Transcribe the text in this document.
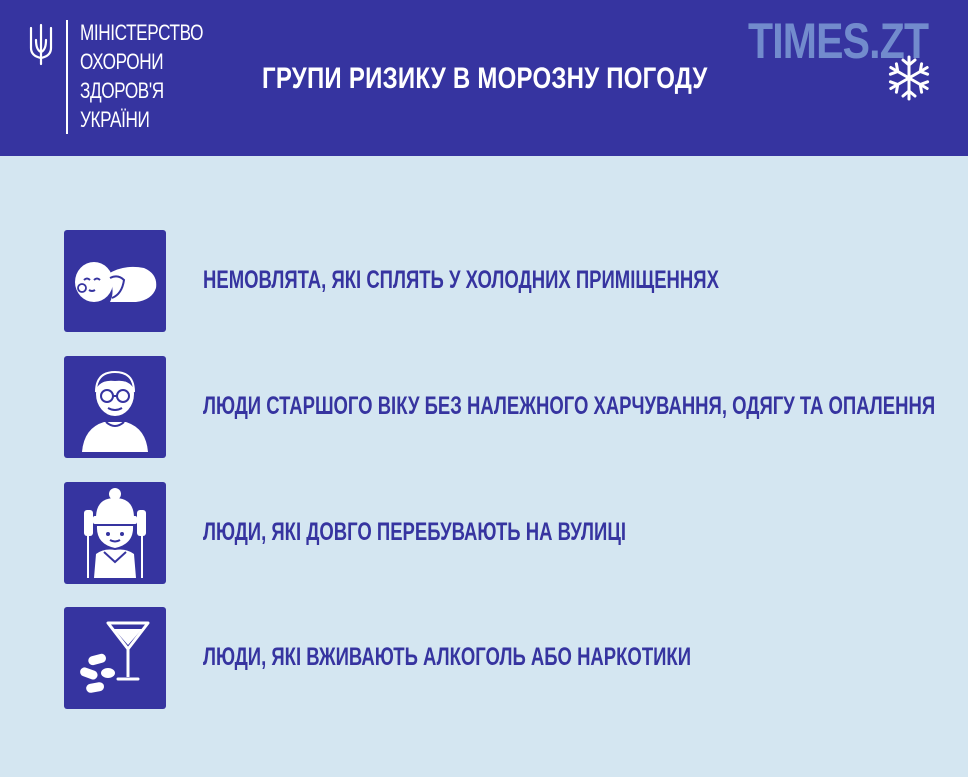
МІНІСТЕРСТВО
ОХОРОНИ
ЗДОРОВ'Я
УКРАЇНИ
ГРУПИ РИЗИКУ В МОРОЗНУ ПОГОДУ
TIMES.ZT
НЕМОВЛЯТА, ЯКІ СПЛЯТЬ У ХОЛОДНИХ ПРИМІЩЕННЯХ
ЛЮДИ СТАРШОГО ВІКУ БЕЗ НАЛЕЖНОГО ХАРЧУВАННЯ, ОДЯГУ ТА ОПАЛЕННЯ
ЛЮДИ, ЯКІ ДОВГО ПЕРЕБУВАЮТЬ НА ВУЛИЦІ
ЛЮДИ, ЯКІ ВЖИВАЮТЬ АЛКОГОЛЬ АБО НАРКОТИКИ
